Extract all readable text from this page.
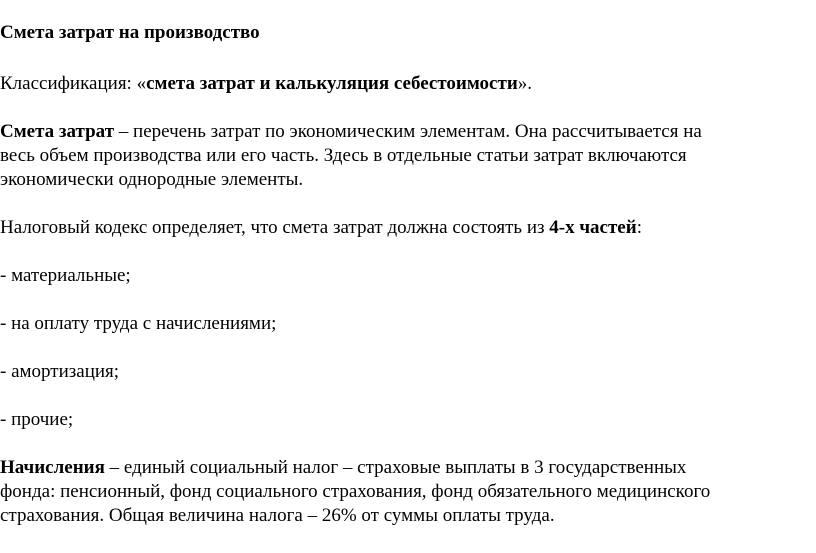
Смета затрат на производство
Классификация: «смета затрат и калькуляция себестоимости».
Смета затрат – перечень затрат по экономическим элементам. Она рассчитывается на
весь объем производства или его часть. Здесь в отдельные статьи затрат включаются
экономически однородные элементы.
Налоговый кодекс определяет, что смета затрат должна состоять из 4-х частей:
- материальные;
- на оплату труда с начислениями;
- амортизация;
- прочие;
Начисления – единый социальный налог – страховые выплаты в 3 государственных
фонда: пенсионный, фонд социального страхования, фонд обязательного медицинского
страхования. Общая величина налога – 26% от суммы оплаты труда.
